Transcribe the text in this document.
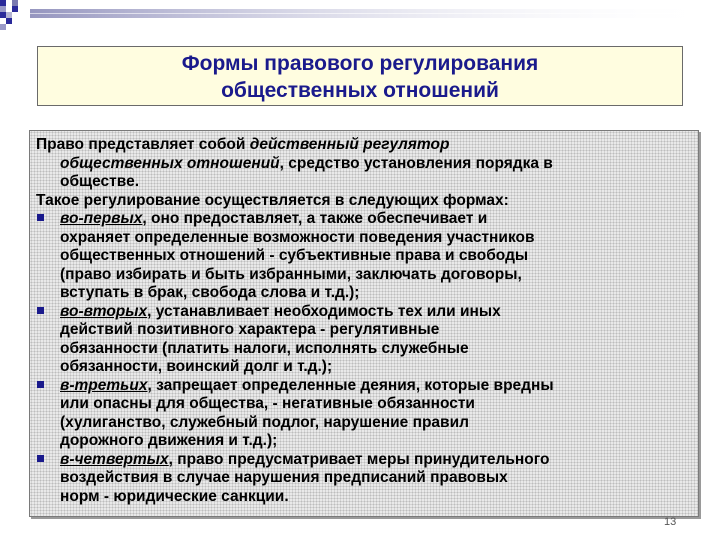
Формы правового регулирования
общественных отношений
Право представляет собой действенный регулятор
общественных отношений, средство установления порядка в
обществе.
Такое регулирование осуществляется в следующих формах:
во-первых, оно предоставляет, а также обеспечивает и
охраняет определенные возможности поведения участников
общественных отношений - субъективные права и свободы
(право избирать и быть избранными, заключать договоры,
вступать в брак, свобода слова и т.д.);
во-вторых, устанавливает необходимость тех или иных
действий позитивного характера - регулятивные
обязанности (платить налоги, исполнять служебные
обязанности, воинский долг и т.д.);
в-третьих, запрещает определенные деяния, которые вредны
или опасны для общества, - негативные обязанности
(хулиганство, служебный подлог, нарушение правил
дорожного движения и т.д.);
в-четвертых, право предусматривает меры принудительного
воздействия в случае нарушения предписаний правовых
норм - юридические санкции.
13
